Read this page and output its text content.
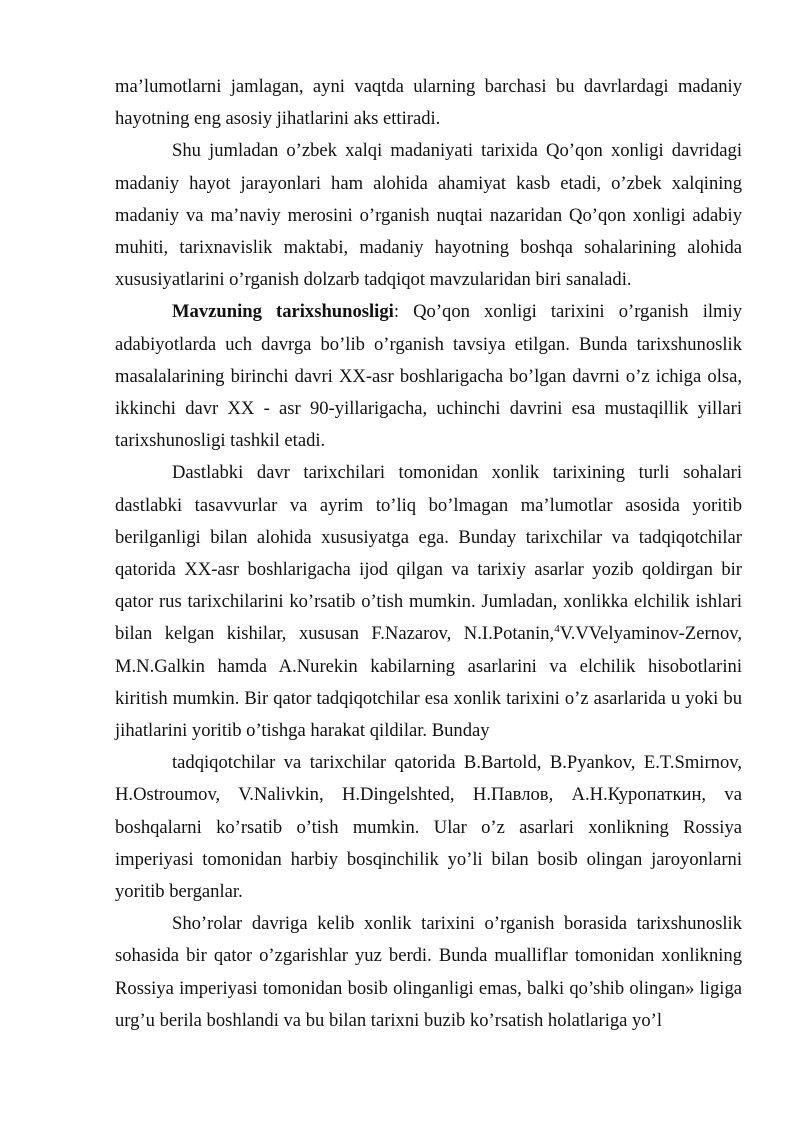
ma’lumotlarni jamlagan, ayni vaqtda ularning barchasi bu davrlardagi madaniy hayotning eng asosiy jihatlarini aks ettiradi.

Shu jumladan o’zbek xalqi madaniyati tarixida Qo’qon xonligi davridagi madaniy hayot jarayonlari ham alohida ahamiyat kasb etadi, o’zbek xalqining madaniy va ma’naviy merosini o’rganish nuqtai nazaridan Qo’qon xonligi adabiy muhiti, tarixnavislik maktabi, madaniy hayotning boshqa sohalarining alohida xususiyatlarini o’rganish dolzarb tadqiqot mavzularidan biri sanaladi.

Mavzuning tarixshunosligi: Qo’qon xonligi tarixini o’rganish ilmiy adabiyotlarda uch davrga bo’lib o’rganish tavsiya etilgan. Bunda tarixshunoslik masalalarining birinchi davri XX-asr boshlarigacha bo’lgan davrni o’z ichiga olsa, ikkinchi davr XX - asr 90-yillarigacha, uchinchi davrini esa mustaqillik yillari tarixshunosligi tashkil etadi.

Dastlabki davr tarixchilari tomonidan xonlik tarixining turli sohalari dastlabki tasavvurlar va ayrim to’liq bo’lmagan ma’lumotlar asosida yoritib berilganligi bilan alohida xususiyatga ega. Bunday tarixchilar va tadqiqotchilar qatorida XX-asr boshlarigacha ijod qilgan va tarixiy asarlar yozib qoldirgan bir qator rus tarixchilarini ko’rsatib o’tish mumkin. Jumladan, xonlikka elchilik ishlari bilan kelgan kishilar, xususan F.Nazarov, N.I.Potanin,$^4$V.VVelyaminov-Zernov, M.N.Galkin hamda A.Nurekin kabilarning asarlarini va elchilik hisobotlarini kiritish mumkin. Bir qator tadqiqotchilar esa xonlik tarixini o’z asarlarida u yoki bu jihatlarini yoritib o’tishga harakat qildilar. Bunday

tadqiqotchilar va tarixchilar qatorida B.Bartold, B.Pyankov, E.T.Smirnov, H.Ostroumov, V.Nalivkin, H.Dingelshted, H.Павлов, A.H.Куропаткин, va boshqalarni ko’rsatib o’tish mumkin. Ular o’z asarlari xonlikning Rossiya imperiyasi tomonidan harbiy bosqinchilik yo’li bilan bosib olingan jaroyonlarni yoritib berganlar.

Sho’rolar davriga kelib xonlik tarixini o’rganish borasida tarixshunoslik sohasida bir qator o’zgarishlar yuz berdi. Bunda mualliflar tomonidan xonlikning Rossiya imperiyasi tomonidan bosib olinganligi emas, balki qo’shib olingan» ligiga urg’u berila boshlandi va bu bilan tarixni buzib ko’rsatish holatlariga yo’l
